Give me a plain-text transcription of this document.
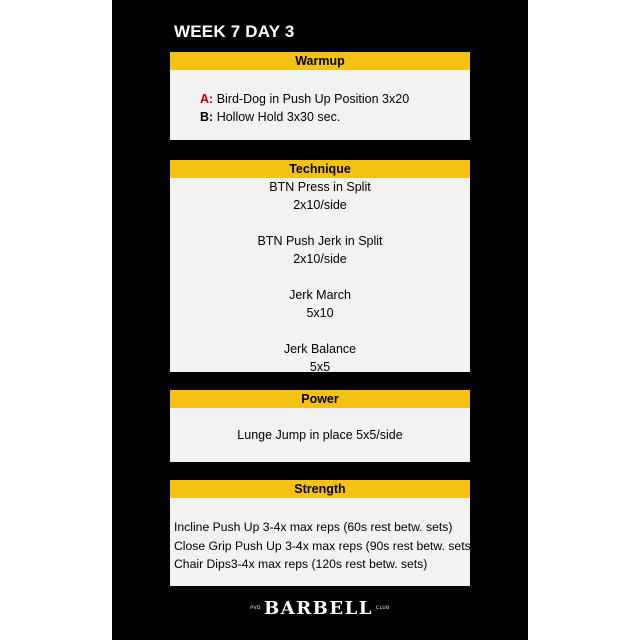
WEEK 7 DAY 3
Warmup
A: Bird-Dog in Push Up Position 3x20
B: Hollow Hold 3x30 sec.
Technique
BTN Press in Split
2x10/side
BTN Push Jerk in Split
2x10/side
Jerk March
5x10
Jerk Balance
5x5
Power
Lunge Jump in place 5x5/side
Strength
Incline Push Up 3-4x max reps (60s rest betw. sets)
Close Grip Push Up 3-4x max reps (90s rest betw. sets)
Chair Dips3-4x max reps (120s rest betw. sets)
PVD BARBELL CLUB
